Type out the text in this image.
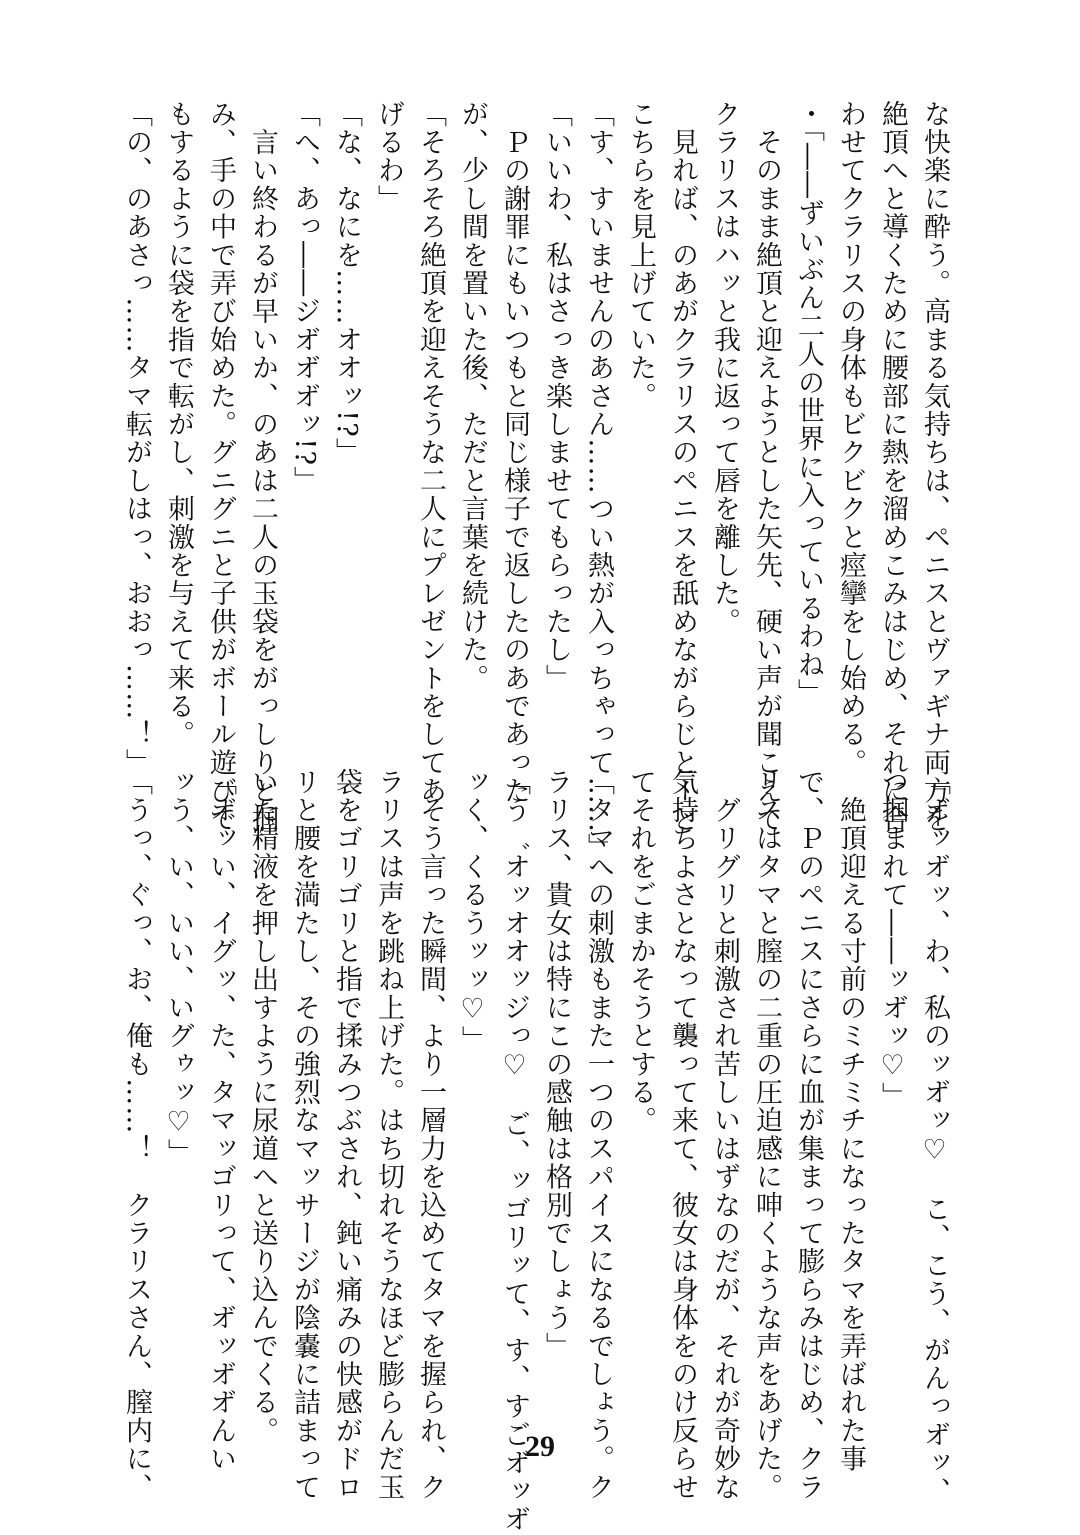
な快楽に酔う。高まる気持ちは、ペニスとヴァギナ両方を
絶頂へと導くために腰部に熱を溜めこみはじめ、それに合
わせてクラリスの身体もビクビクと痙攣をし始める。
・「――ずいぶん二人の世界に入っているわね」
　そのまま絶頂と迎えようとした矢先、硬い声が聞こえて
クラリスはハッと我に返って唇を離した。
　見れば、のあがクラリスのペニスを舐めながらじとーと
こちらを見上げていた。
「す、すいませんのあさん……つい熱が入っちゃって……」
「いいわ、私はさっき楽しませてもらったし」
　Ｐの謝罪にもいつもと同じ様子で返したのあであった
が、少し間を置いた後、ただと言葉を続けた。
「そろそろ絶頂を迎えそうな二人にプレゼントをしてあ
げるわ」
「な、なにを……オオッ!?」
「へ、あっ――ジオ゙オ゙オ゙ッ!?」
　言い終わるが早いか、のあは二人の玉袋をがっしりと掴
み、手の中で弄び始めた。グニグニと子供がボール遊びで
もするように袋を指で転がし、刺激を与えて来る。
「の、のあさっ……タマ転がしはっ、おおっ……！」
「オ゙ッオ゙ッ、わ、私のッオ゙ッ♡　こ、こう、がんっオ゙ッ、
つ掴まれて――ッオ゙ッ♡」
　絶頂迎える寸前のミチミチになったタマを弄ばれた事
で、Ｐのペニスにさらに血が集まって膨らみはじめ、クラ
リスはタマと膣の二重の圧迫感に呻くような声をあげた。
　グリグリと刺激され苦しいはずなのだが、それが奇妙な
気持ちよさとなって襲って来て、彼女は身体をのけ反らせ
てそれをごまかそうとする。
「タマへの刺激もまた一つのスパイスになるでしょう。ク
ラリス、貴女は特にこの感触は格別でしょう」
「う゛オッオオッジっ♡　ご、ッゴリッて、す、すごオ゙ッオ゙
ッく、くるうッッ♡」
　そう言った瞬間、より一層力を込めてタマを握られ、ク
ラリスは声を跳ね上げた。はち切れそうなほど膨らんだ玉
袋をゴリゴリと指で揉みつぶされ、鈍い痛みの快感がドロ
リと腰を満たし、その強烈なマッサージが陰嚢に詰まって
いた精液を押し出すように尿道へと送り込んでくる。
「オ゙ッい、イグッ、た、タマッゴリって、オ゙ッオ゙オ゙んい
ッう、い、いい、いグゥッ♡」
「うっ、ぐっ、お、俺も……！　クラリスさん、膣内に、	29
